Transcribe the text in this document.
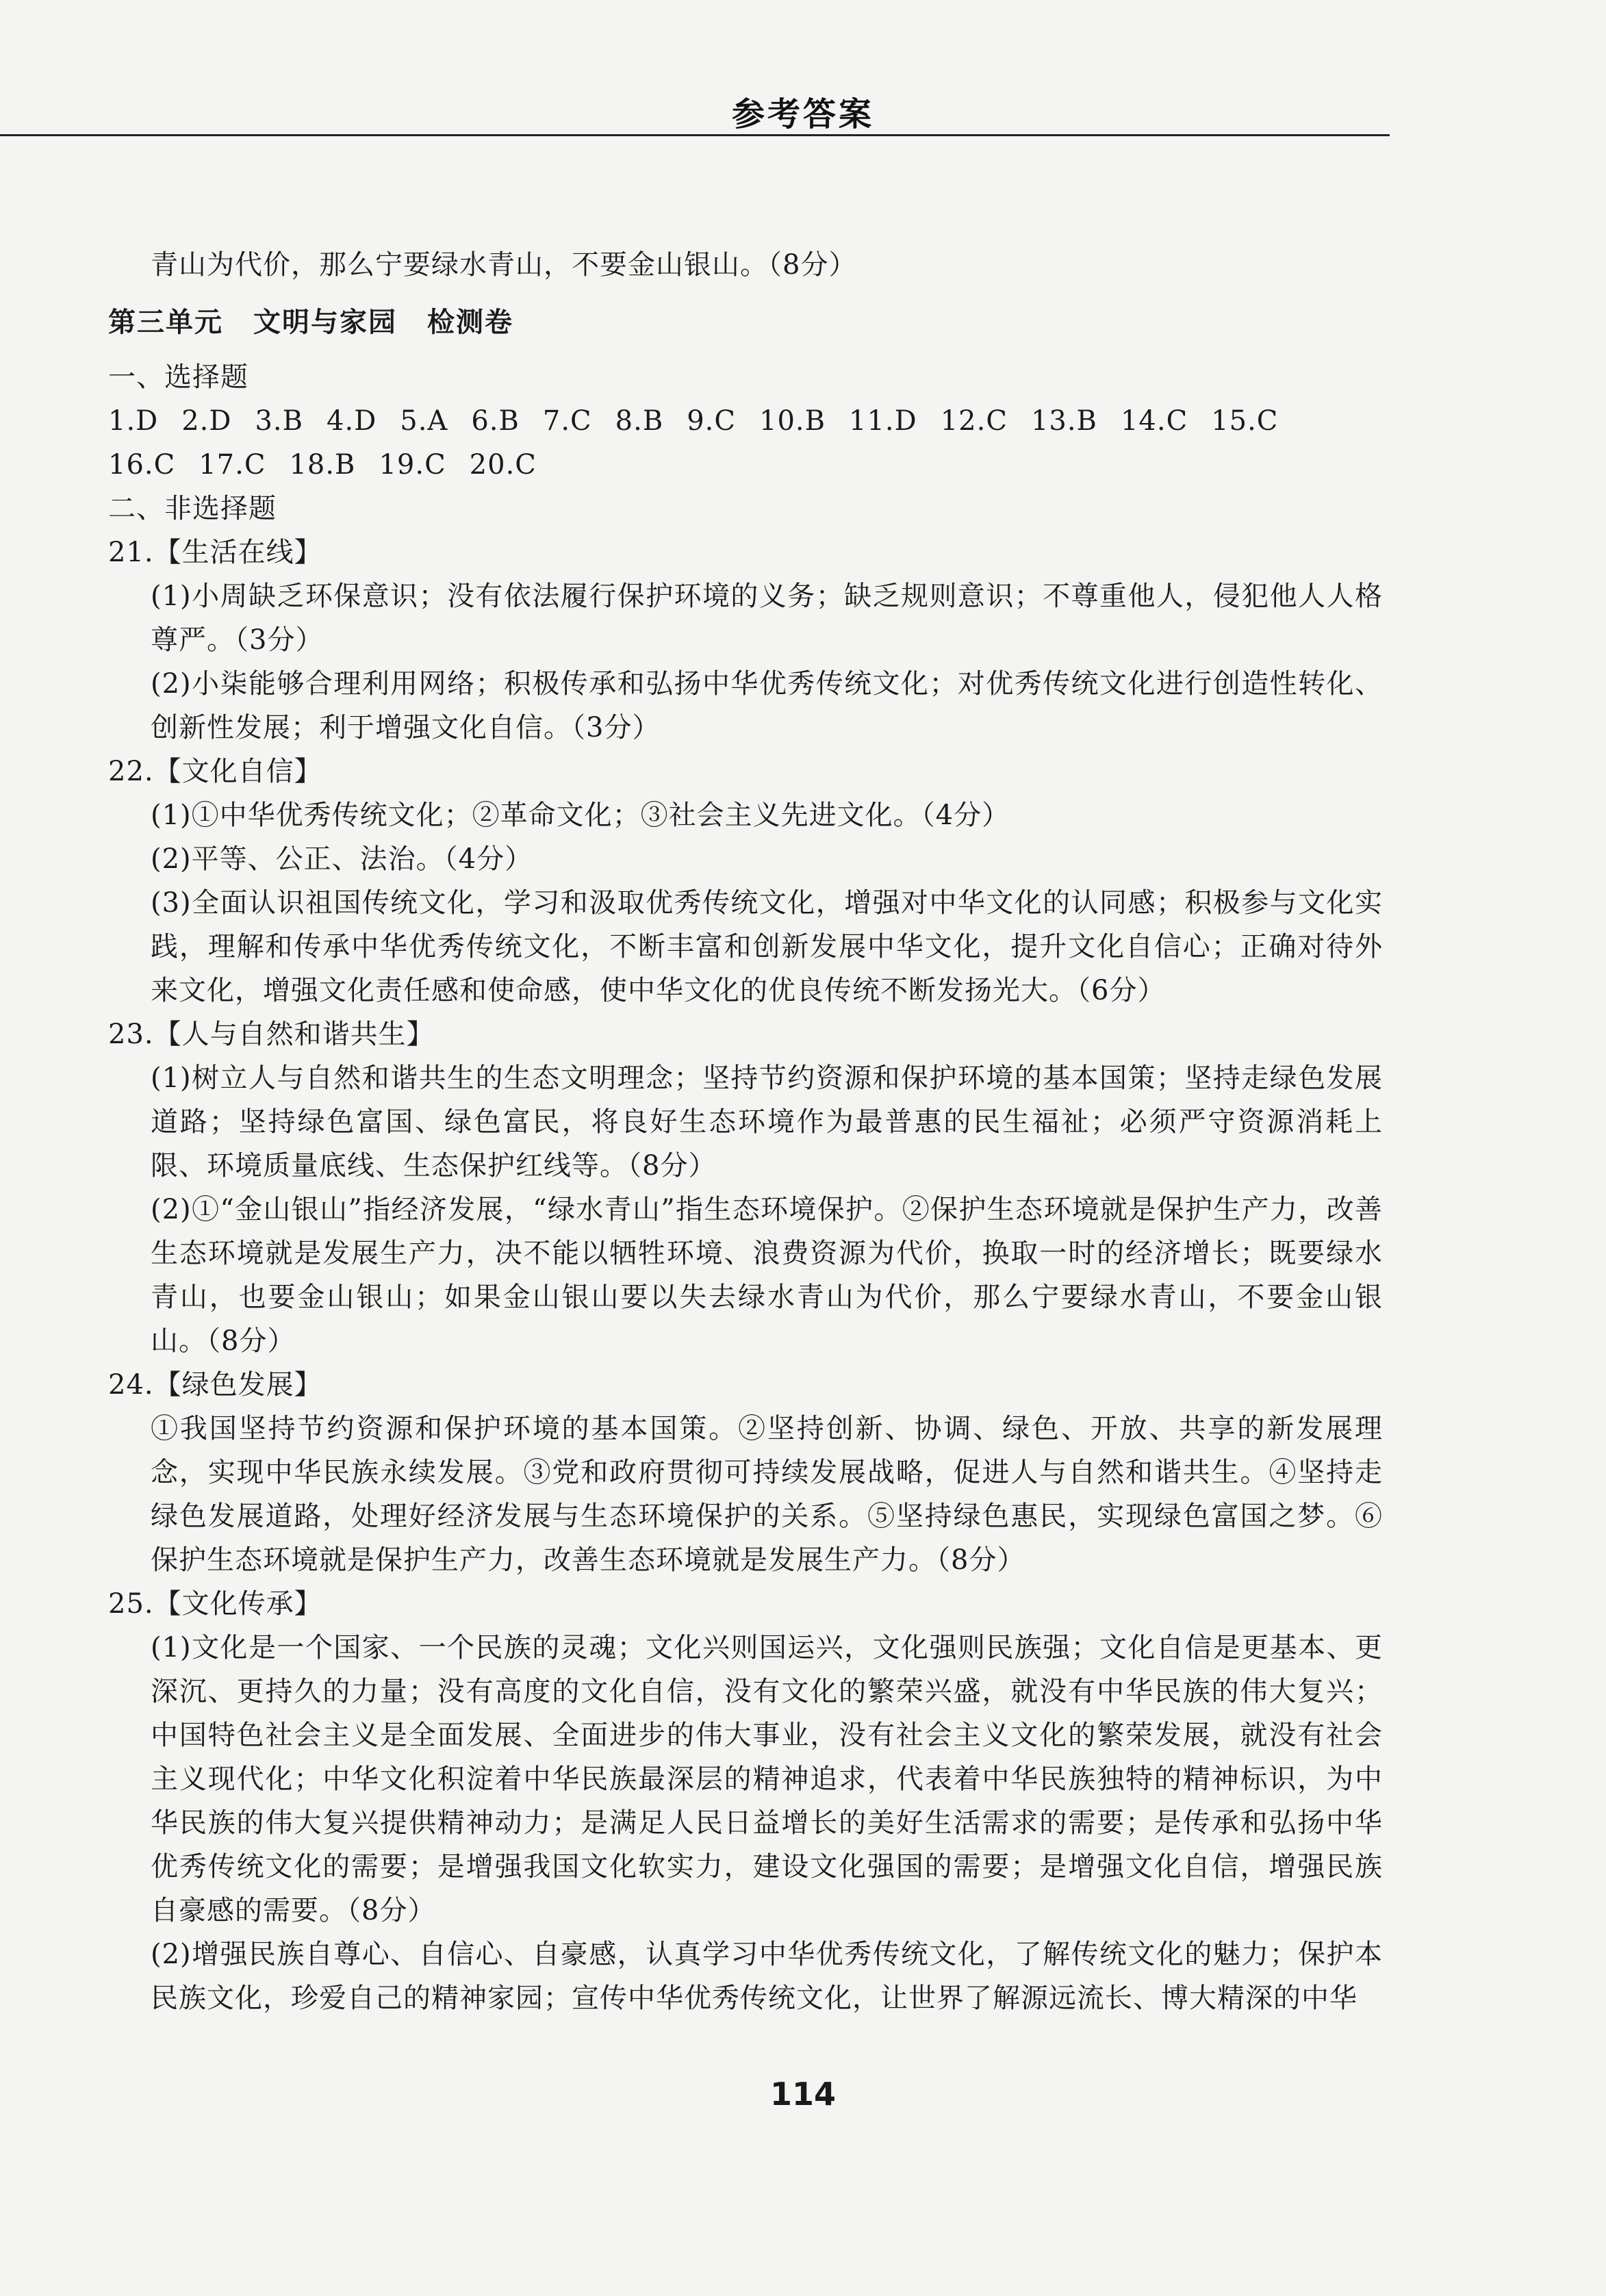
参考答案

青山为代价，那么宁要绿水青山，不要金山银山。（8分）

第三单元 文明与家园 检测卷
一、选择题
1.D 2.D 3.B 4.D 5.A 6.B 7.C 8.B 9.C 10.B 11.D 12.C 13.B 14.C 15.C
16.C 17.C 18.B 19.C 20.C
二、非选择题
21.【生活在线】

(1)小周缺乏环保意识；没有依法履行保护环境的义务；缺乏规则意识；不尊重他人，侵犯他人人格尊严。（3分）

(2)小柒能够合理利用网络；积极传承和弘扬中华优秀传统文化；对优秀传统文化进行创造性转化、创新性发展；利于增强文化自信。（3分）

22.【文化自信】

(1)①中华优秀传统文化；②革命文化；③社会主义先进文化。（4分）

(2)平等、公正、法治。（4分）

(3)全面认识祖国传统文化，学习和汲取优秀传统文化，增强对中华文化的认同感；积极参与文化实践，理解和传承中华优秀传统文化，不断丰富和创新发展中华文化，提升文化自信心；正确对待外来文化，增强文化责任感和使命感，使中华文化的优良传统不断发扬光大。（6分）

23.【人与自然和谐共生】

(1)树立人与自然和谐共生的生态文明理念；坚持节约资源和保护环境的基本国策；坚持走绿色发展道路；坚持绿色富国、绿色富民，将良好生态环境作为最普惠的民生福祉；必须严守资源消耗上限、环境质量底线、生态保护红线等。（8分）

(2)①“金山银山”指经济发展，“绿水青山”指生态环境保护。②保护生态环境就是保护生产力，改善生态环境就是发展生产力，决不能以牺牲环境、浪费资源为代价，换取一时的经济增长；既要绿水青山，也要金山银山；如果金山银山要以失去绿水青山为代价，那么宁要绿水青山，不要金山银山。（8分）

24.【绿色发展】

①我国坚持节约资源和保护环境的基本国策。②坚持创新、协调、绿色、开放、共享的新发展理念，实现中华民族永续发展。③党和政府贯彻可持续发展战略，促进人与自然和谐共生。④坚持走绿色发展道路，处理好经济发展与生态环境保护的关系。⑤坚持绿色惠民，实现绿色富国之梦。⑥保护生态环境就是保护生产力，改善生态环境就是发展生产力。（8分）

25.【文化传承】

(1)文化是一个国家、一个民族的灵魂；文化兴则国运兴，文化强则民族强；文化自信是更基本、更深沉、更持久的力量；没有高度的文化自信，没有文化的繁荣兴盛，就没有中华民族的伟大复兴；中国特色社会主义是全面发展、全面进步的伟大事业，没有社会主义文化的繁荣发展，就没有社会主义现代化；中华文化积淀着中华民族最深层的精神追求，代表着中华民族独特的精神标识，为中华民族的伟大复兴提供精神动力；是满足人民日益增长的美好生活需求的需要；是传承和弘扬中华优秀传统文化的需要；是增强我国文化软实力，建设文化强国的需要；是增强文化自信，增强民族自豪感的需要。（8分）

(2)增强民族自尊心、自信心、自豪感，认真学习中华优秀传统文化，了解传统文化的魅力；保护本民族文化，珍爱自己的精神家园；宣传中华优秀传统文化，让世界了解源远流长、博大精深的中华

114
